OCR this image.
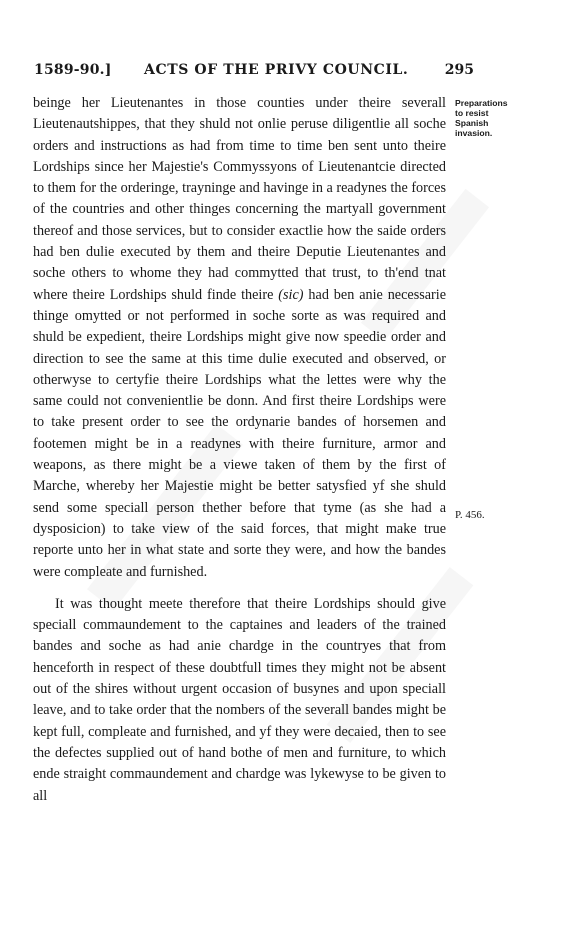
1589-90.] ACTS OF THE PRIVY COUNCIL.	295
Preparations
to resist
Spanish
invasion.
P. 456.

beinge her Lieutenantes in those counties under theire severall Lieutenautshippes, that they shuld not onlie peruse diligentlie all soche orders and instructions as had from time to time ben sent unto theire Lordships since her Majestie's Commyssyons of Lieutenantcie directed to them for the orderinge, trayninge and havinge in a readynes the forces of the countries and other thinges concerning the martyall government thereof and those services, but to consider exactlie how the saide orders had ben dulie executed by them and theire Deputie Lieutenantes and soche others to whome they had commytted that trust, to th'end tnat where theire Lordships shuld finde theire (sic) had ben anie necessarie thinge omytted or not performed in soche sorte as was required and shuld be expedient, theire Lordships might give now speedie order and direction to see the same at this time dulie executed and observed, or otherwyse to certyfie theire Lordships what the lettes were why the same could not convenientlie be donn. And first theire Lordships were to take present order to see the ordynarie bandes of horsemen and footemen might be in a readynes with theire furniture, armor and weapons, as there might be a viewe taken of them by the first of Marche, whereby her Majestie might be better satysfied yf she shuld send some speciall person thether before that tyme (as she had a dysposicion) to take view of the said forces, that might make true reporte unto her in what state and sorte they were, and how the bandes were compleate and furnished.

It was thought meete therefore that theire Lordships should give speciall commaundement to the captaines and leaders of the trained bandes and soche as had anie chardge in the countryes that from henceforth in respect of these doubtfull times they might not be absent out of the shires without urgent occasion of busynes and upon speciall leave, and to take order that the nombers of the severall bandes might be kept full, compleate and furnished, and yf they were decaied, then to see the defectes supplied out of hand bothe of men and furniture, to which ende straight commaundement and chardge was lykewyse to be given to all
